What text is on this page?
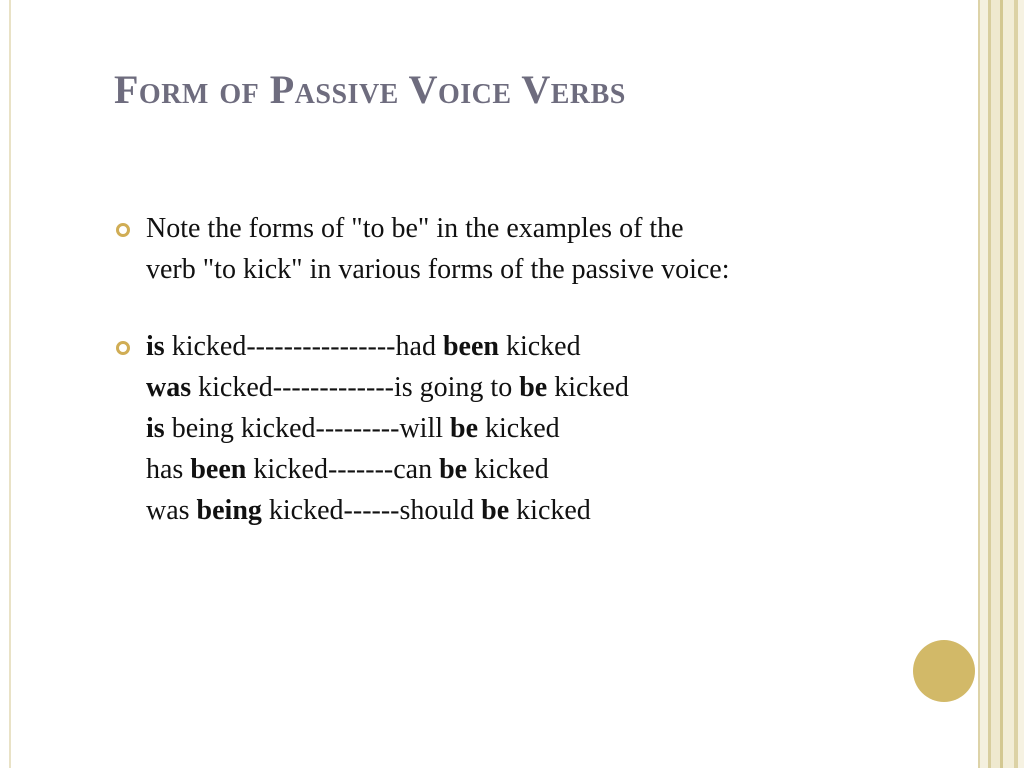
Form of Passive Voice Verbs
Note the forms of "to be" in the examples of the
verb "to kick" in various forms of the passive voice:
is kicked----------------had been kicked
was kicked-------------is going to be kicked
is being kicked---------will be kicked
has been kicked-------can be kicked
was being kicked------should be kicked
